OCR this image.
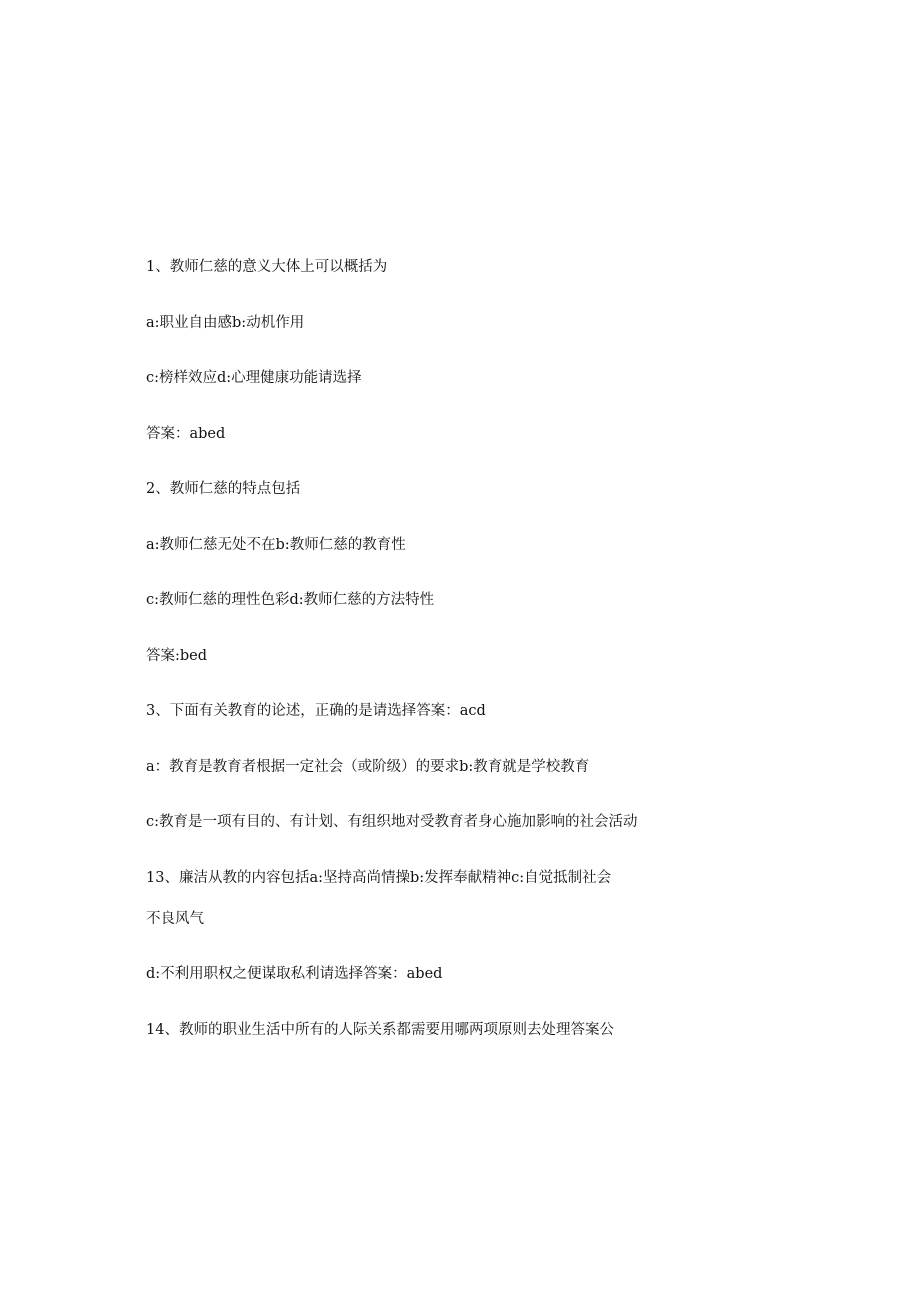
1、教师仁慈的意义大体上可以概括为
a:职业自由感b:动机作用
c:榜样效应d:心理健康功能请选择
答案：abed
2、教师仁慈的特点包括
a:教师仁慈无处不在b:教师仁慈的教育性
c:教师仁慈的理性色彩d:教师仁慈的方法特性
答案:bed
3、下面有关教育的论述，正确的是请选择答案：acd
a：教育是教育者根据一定社会（或阶级）的要求b:教育就是学校教育
c:教育是一项有目的、有计划、有组织地对受教育者身心施加影响的社会活动
13、廉洁从教的内容包括a:坚持高尚情操b:发挥奉献精神c:自觉抵制社会
不良风气
d:不利用职权之便谋取私利请选择答案：abed
14、教师的职业生活中所有的人际关系都需要用哪两项原则去处理答案公
